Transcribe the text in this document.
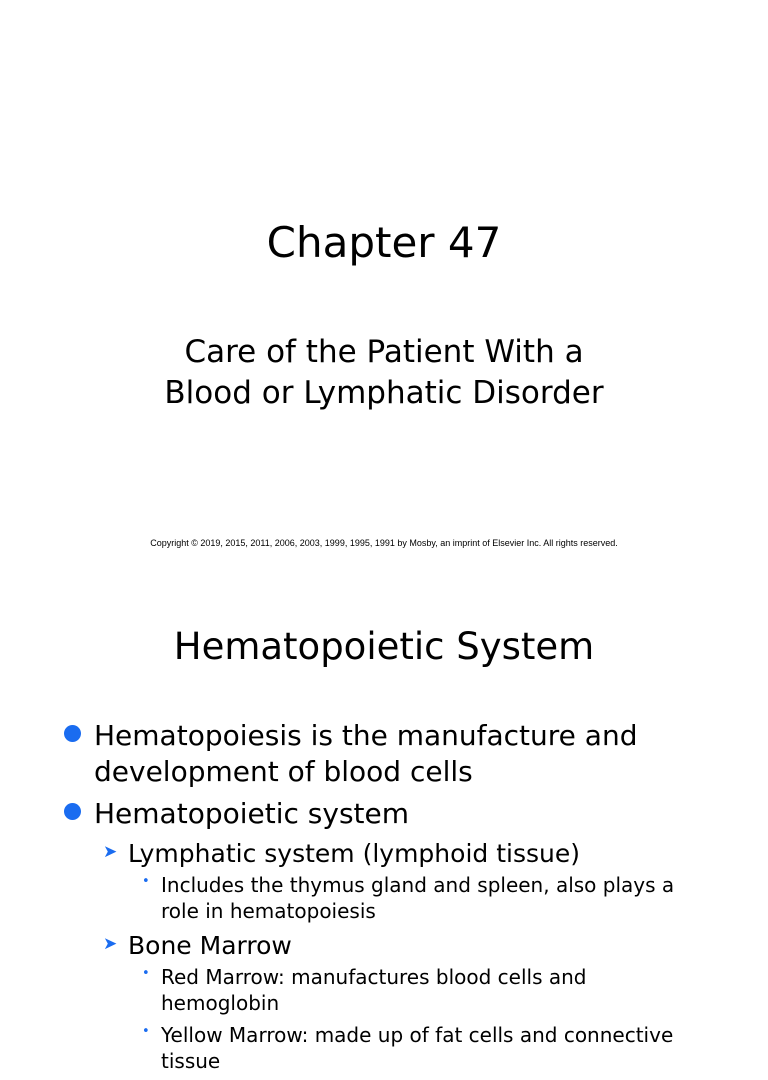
Chapter 47
Care of the Patient With a
Blood or Lymphatic Disorder
Copyright © 2019, 2015, 2011, 2006, 2003, 1999, 1995, 1991 by Mosby, an imprint of Elsevier Inc. All rights reserved.
Hematopoietic System
Hematopoiesis is the manufacture and development of blood cells
Hematopoietic system
➤ Lymphatic system (lymphoid tissue)
• Includes the thymus gland and spleen, also plays a role in hematopoiesis
➤ Bone Marrow
• Red Marrow: manufactures blood cells and hemoglobin
• Yellow Marrow: made up of fat cells and connective tissue
